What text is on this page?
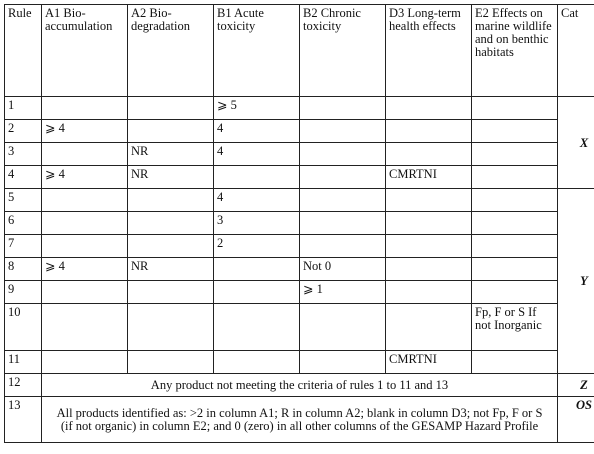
Rule	A1 Bio-accumulation	A2 Bio-degradation	B1 Acute toxicity	B2 Chronic toxicity	D3 Long-term health effects	E2 Effects on marine wildlife and on benthic habitats	Cat	
1			⩾ 5				X	
2	⩾ 4		4					
3		NR	4					
4	⩾ 4	NR			CMRTNI			
5			4				Y	
6			3					
7			2					
8	⩾ 4	NR		Not 0				
9				⩾ 1				
10						Fp, F or S If not Inorganic		
11					CMRTNI			
12	Any product not meeting the criteria of rules 1 to 11 and 13						Z	
13	All products identified as: >2 in column A1; R in column A2; blank in column D3; not Fp, F or S (if not organic) in column E2; and 0 (zero) in all other columns of the GESAMP Hazard Profile						OS	
